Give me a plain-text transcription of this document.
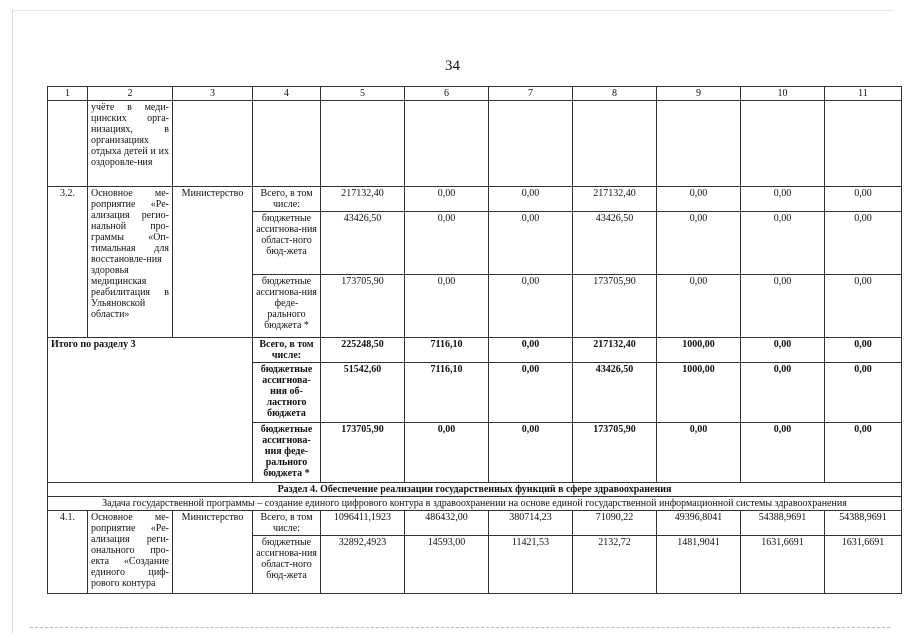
34
1	2	3	4	5	6	7	8	9	10	11
	учёте в меди-цинских орга-низациях, в организациях отдыха детей и их оздоровле-ния									
3.2.	Основное ме-роприятие «Ре-ализация регио-нальной про-граммы «Оп-тимальная для восстановле-ния здоровья медицинская реабилитация в Ульяновской области»	Министерство	Всего, в том числе:	217132,40	0,00	0,00	217132,40	0,00	0,00	0,00
			бюджетные ассигнова-ния област-ного бюд-жета	43426,50	0,00	0,00	43426,50	0,00	0,00	0,00
			бюджетные ассигнова-ния феде-рального бюджета *	173705,90	0,00	0,00	173705,90	0,00	0,00	0,00
Итого по разделу 3			Всего, в том числе:	225248,50	7116,10	0,00	217132,40	1000,00	0,00	0,00
			бюджетные ассигнова-ния об-ластного бюджета	51542,60	7116,10	0,00	43426,50	1000,00	0,00	0,00
			бюджетные ассигнова-ния феде-рального бюджета *	173705,90	0,00	0,00	173705,90	0,00	0,00	0,00
Раздел 4. Обеспечение реализации государственных функций в сфере здравоохранения										
Задача государственной программы – создание единого цифрового контура в здравоохранении на основе единой государственной информационной системы здравоохранения										
4.1.	Основное ме-роприятие «Ре-ализация реги-онального про-екта «Создание единого циф-рового контура	Министерство	Всего, в том числе:	1096411,1923	486432,00	380714,23	71090,22	49396,8041	54388,9691	54388,9691
			бюджетные ассигнова-ния област-ного бюд-жета	32892,4923	14593,00	11421,53	2132,72	1481,9041	1631,6691	1631,6691
